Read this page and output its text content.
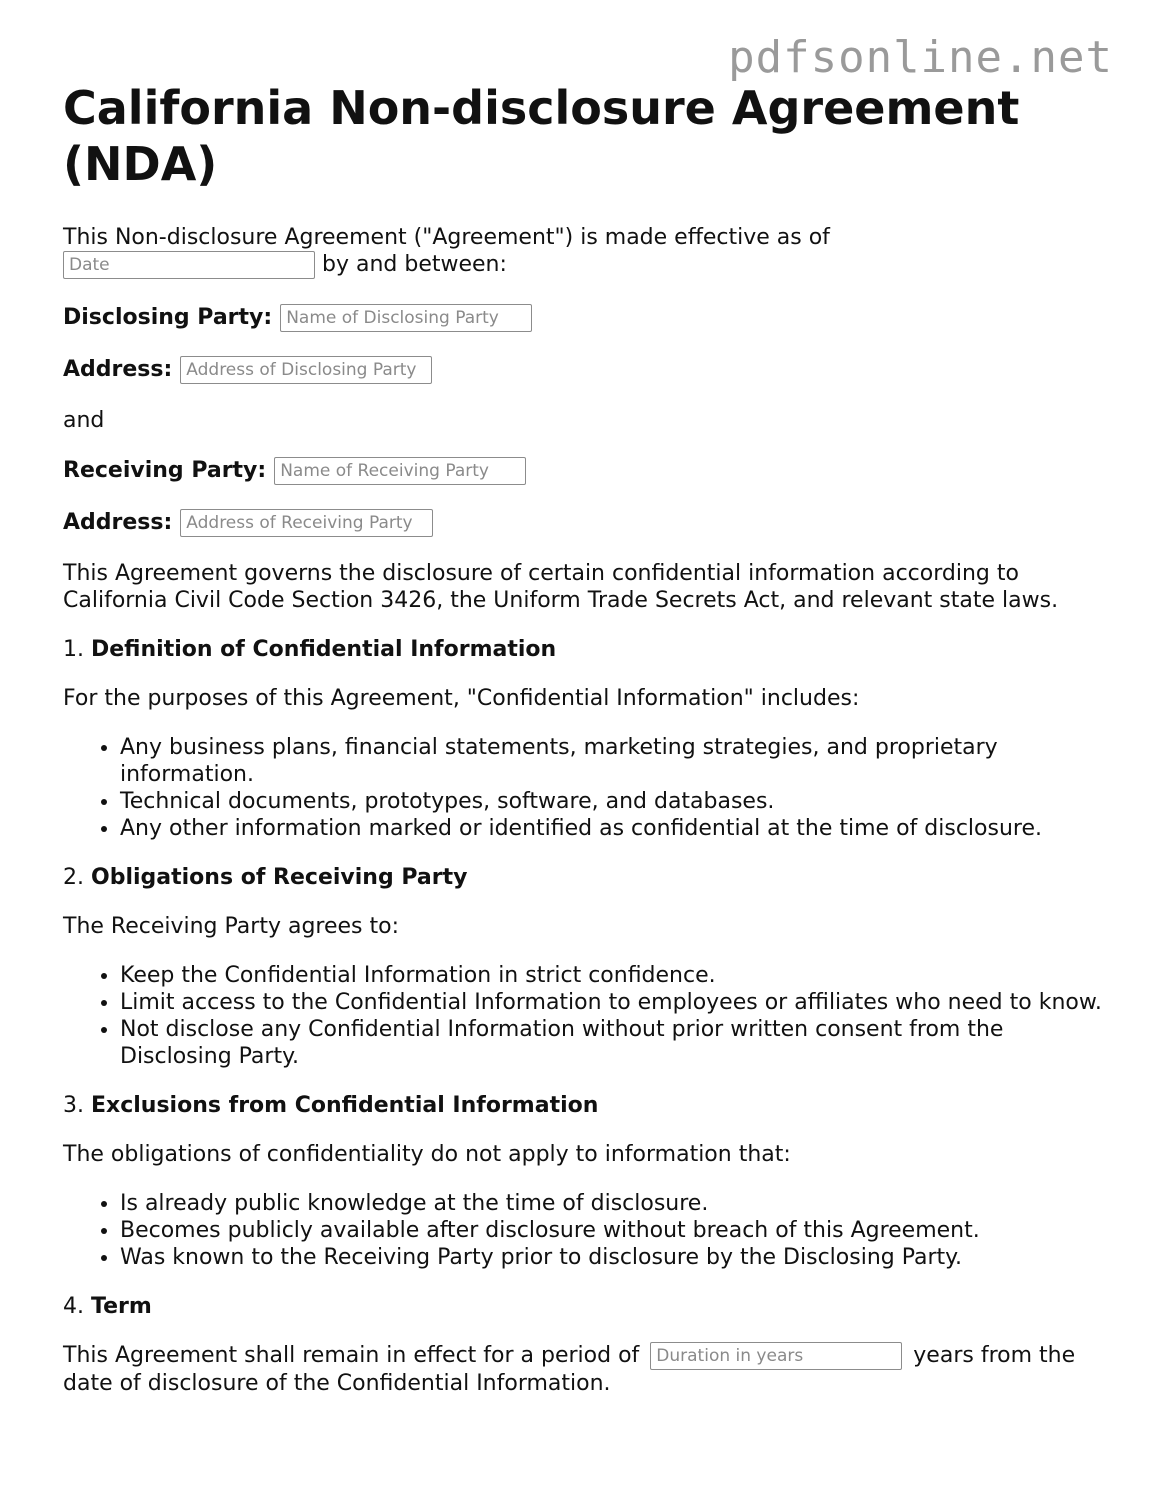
pdfsonline.net
California Non-disclosure Agreement (NDA)

This Non-disclosure Agreement ("Agreement") is made effective as of
Date by and between:

Disclosing Party:
Name of Disclosing Party
Address:
Address of Disclosing Party

and

Receiving Party:
Name of Receiving Party
Address:
Address of Receiving Party

This Agreement governs the disclosure of certain confidential information according to California Civil Code Section 3426, the Uniform Trade Secrets Act, and relevant state laws.

1. Definition of Confidential Information

For the purposes of this Agreement, "Confidential Information" includes:

• Any business plans, financial statements, marketing strategies, and proprietary information.
• Technical documents, prototypes, software, and databases.
• Any other information marked or identified as confidential at the time of disclosure.

2. Obligations of Receiving Party

The Receiving Party agrees to:

• Keep the Confidential Information in strict confidence.
• Limit access to the Confidential Information to employees or affiliates who need to know.
• Not disclose any Confidential Information without prior written consent from the Disclosing Party.

3. Exclusions from Confidential Information

The obligations of confidentiality do not apply to information that:

• Is already public knowledge at the time of disclosure.
• Becomes publicly available after disclosure without breach of this Agreement.
• Was known to the Receiving Party prior to disclosure by the Disclosing Party.

4. Term

This Agreement shall remain in effect for a period of Duration in years	years from the date of disclosure of the Confidential Information.
